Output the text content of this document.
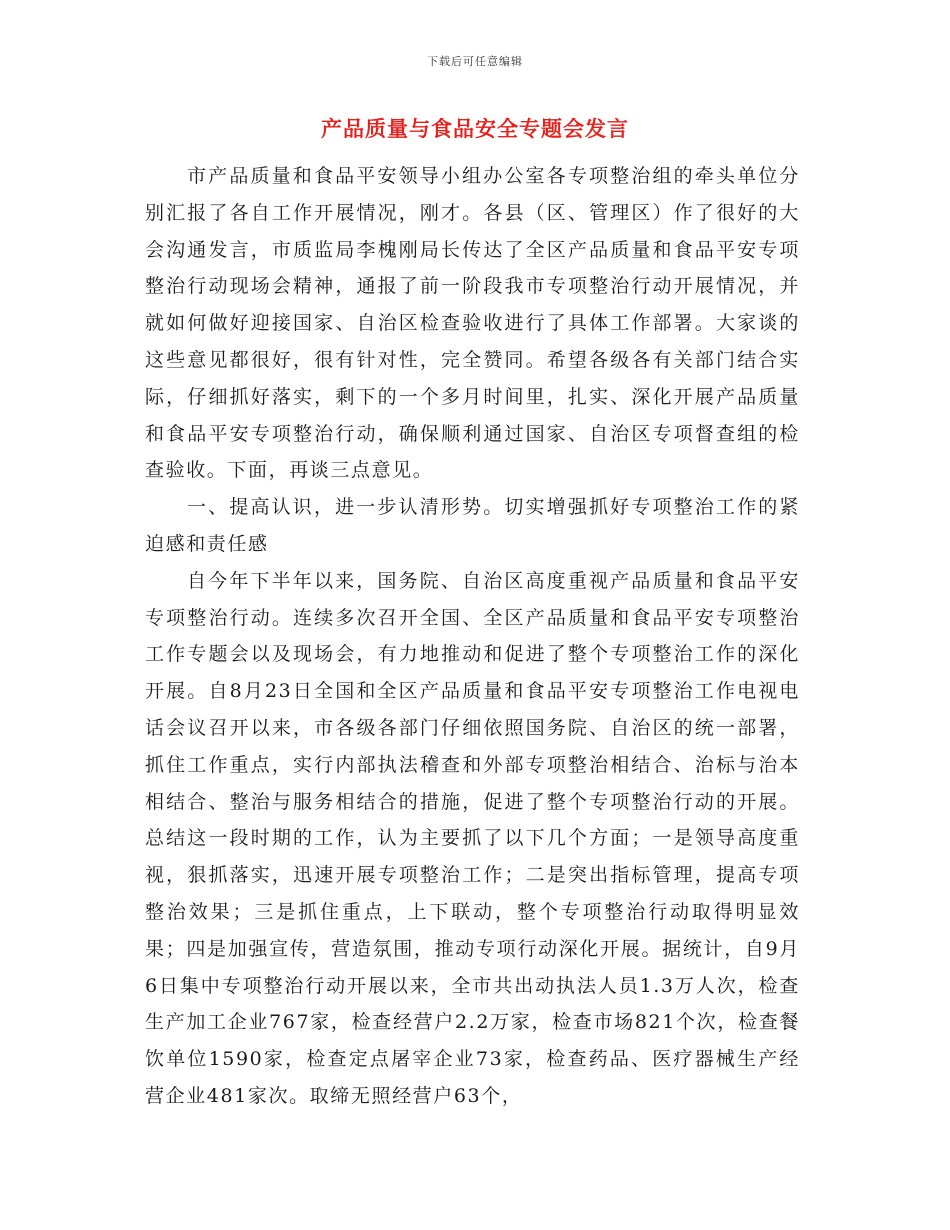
下载后可任意编辑
产品质量与食品安全专题会发言

市产品质量和食品平安领导小组办公室各专项整治组的牵头单位分别汇报了各自工作开展情况，刚才。各县（区、管理区）作了很好的大会沟通发言，市质监局李槐刚局长传达了全区产品质量和食品平安专项整治行动现场会精神，通报了前一阶段我市专项整治行动开展情况，并就如何做好迎接国家、自治区检查验收进行了具体工作部署。大家谈的这些意见都很好，很有针对性，完全赞同。希望各级各有关部门结合实际，仔细抓好落实，剩下的一个多月时间里，扎实、深化开展产品质量和食品平安专项整治行动，确保顺利通过国家、自治区专项督查组的检查验收。下面，再谈三点意见。

一、提高认识，进一步认清形势。切实增强抓好专项整治工作的紧迫感和责任感

自今年下半年以来，国务院、自治区高度重视产品质量和食品平安专项整治行动。连续多次召开全国、全区产品质量和食品平安专项整治工作专题会以及现场会，有力地推动和促进了整个专项整治工作的深化开展。自8月23日全国和全区产品质量和食品平安专项整治工作电视电话会议召开以来，市各级各部门仔细依照国务院、自治区的统一部署，抓住工作重点，实行内部执法稽查和外部专项整治相结合、治标与治本相结合、整治与服务相结合的措施，促进了整个专项整治行动的开展。总结这一段时期的工作，认为主要抓了以下几个方面；一是领导高度重视，狠抓落实，迅速开展专项整治工作；二是突出指标管理，提高专项整治效果；三是抓住重点，上下联动，整个专项整治行动取得明显效果；四是加强宣传，营造氛围，推动专项行动深化开展。据统计，自9月6日集中专项整治行动开展以来，全市共出动执法人员1.3万人次，检查生产加工企业767家，检查经营户2.2万家，检查市场821个次，检查餐饮单位1590家，检查定点屠宰企业73家，检查药品、医疗器械生产经营企业481家次。取缔无照经营户63个，
